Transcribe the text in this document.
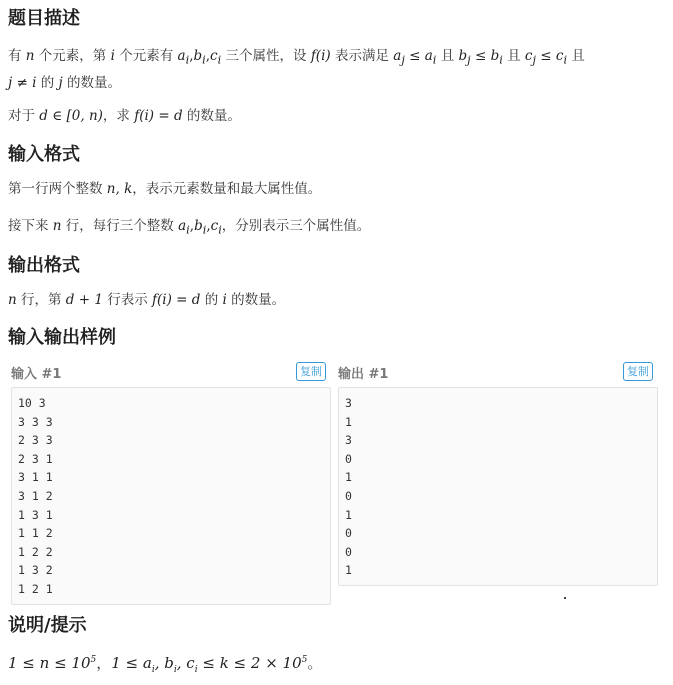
题目描述
有 n 个元素，第 i 个元素有 $a_i,b_i,c_i$ 三个属性，设 f(i) 表示满足 $a_j \le a_i$ 且 $b_j \le b_i$ 且 $c_j \le c_i$ 且
j ≠ i 的 j 的数量。
对于 d ∈ [0, n)，求 f(i) = d 的数量。
输入格式
第一行两个整数 n, k，表示元素数量和最大属性值。
接下来 n 行，每行三个整数 $a_i,b_i,c_i$，分别表示三个属性值。
输出格式
n 行，第 d + 1 行表示 f(i) = d 的 i 的数量。
输入输出样例
输入 #1	复制	输出 #1	复制
10 3
3 3 3
2 3 3
2 3 1
3 1 1
3 1 2
1 3 1
1 1 2
1 2 2
1 3 2
1 2 1
3
1
3
0
1
0
1
0
0
1
说明/提示
$1 \le n \le 10^5$，$1 \le a_i$, $b_i$, $c_i \le k \le 2 \times 10^5$。
